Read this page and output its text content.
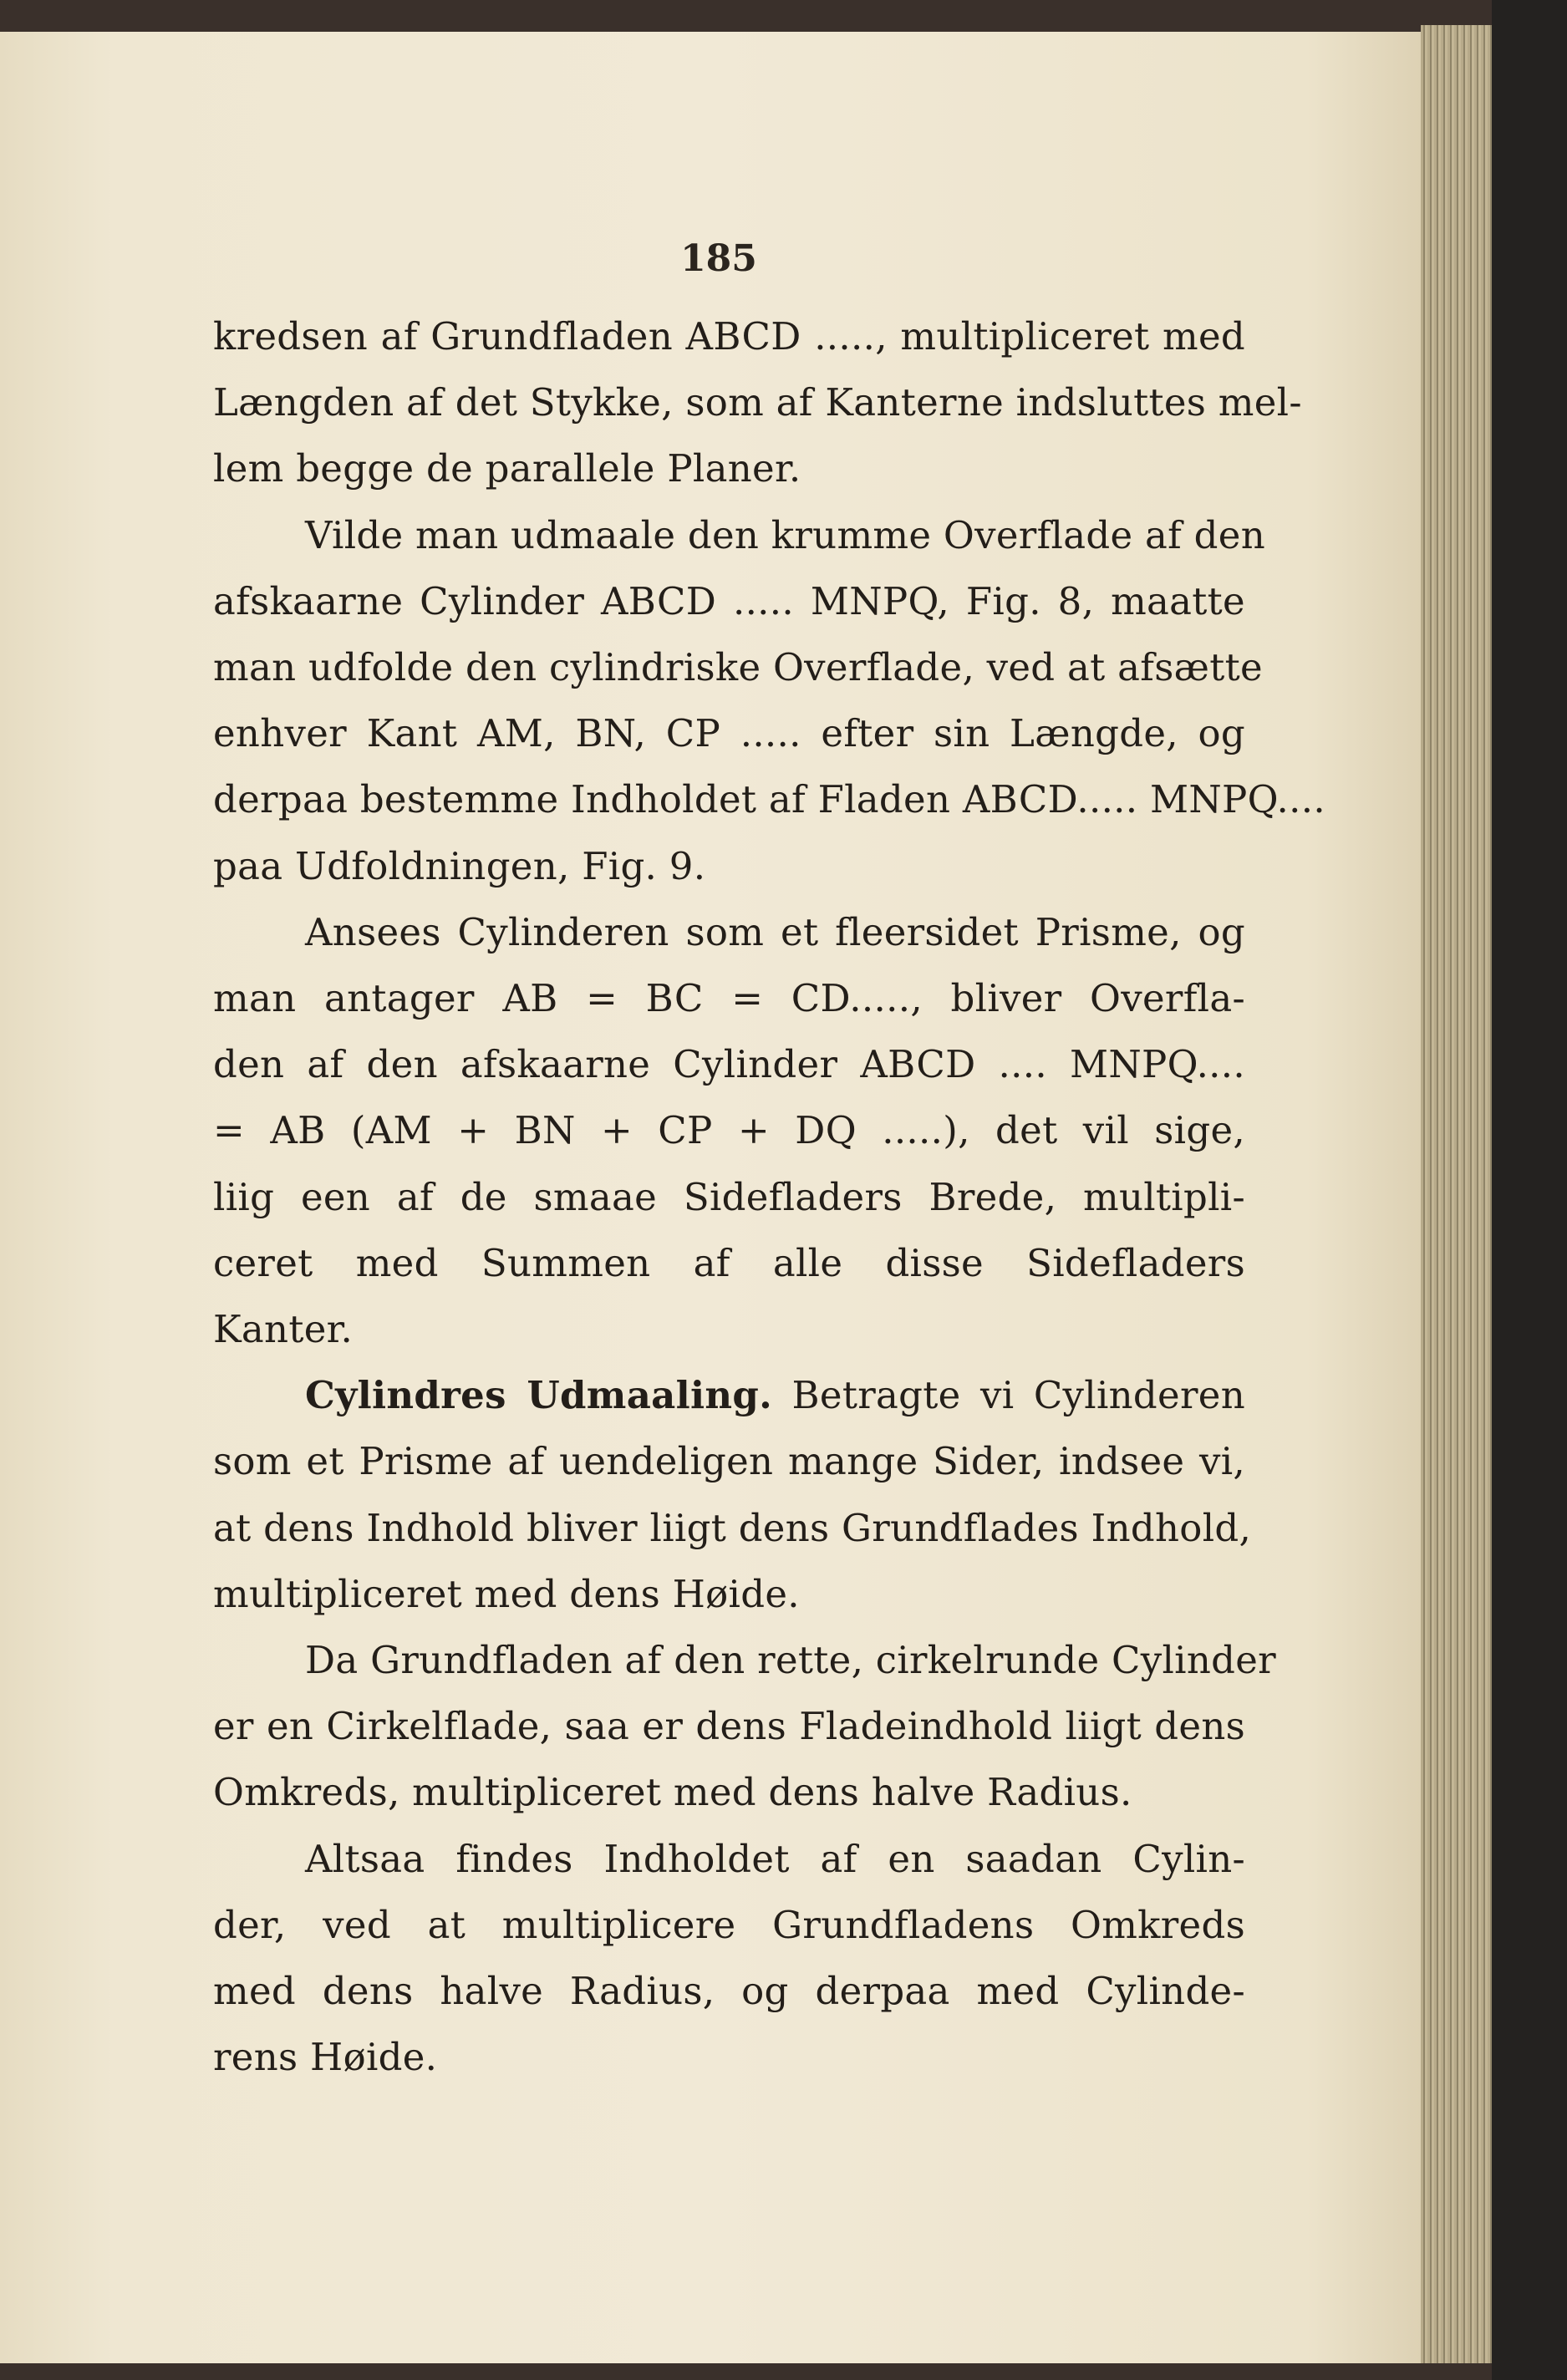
185
kredsen af Grundfladen ABCD ....., multipliceret med
Længden af det Stykke, som af Kanterne indsluttes mel-
lem begge de parallele Planer.
Vilde man udmaale den krumme Overflade af den
afskaarne Cylinder ABCD ..... MNPQ, Fig. 8, maatte
man udfolde den cylindriske Overflade, ved at afsætte
enhver Kant AM, BN, CP ..... efter sin Længde, og
derpaa bestemme Indholdet af Fladen ABCD..... MNPQ....
paa Udfoldningen, Fig. 9.
Ansees Cylinderen som et fleersidet Prisme, og
man antager AB = BC = CD....., bliver Overfla-
den af den afskaarne Cylinder ABCD .... MNPQ....
= AB (AM + BN + CP + DQ .....), det vil sige,
liig een af de smaae Sidefladers Brede, multipli-
ceret med Summen af alle disse Sidefladers
Kanter.
Cylindres Udmaaling. Betragte vi Cylinderen
som et Prisme af uendeligen mange Sider, indsee vi,
at dens Indhold bliver liigt dens Grundflades Indhold,
multipliceret med dens Høide.
Da Grundfladen af den rette, cirkelrunde Cylinder
er en Cirkelflade, saa er dens Fladeindhold liigt dens
Omkreds, multipliceret med dens halve Radius.
Altsaa findes Indholdet af en saadan Cylin-
der, ved at multiplicere Grundfladens Omkreds
med dens halve Radius, og derpaa med Cylinde-
rens Høide.
